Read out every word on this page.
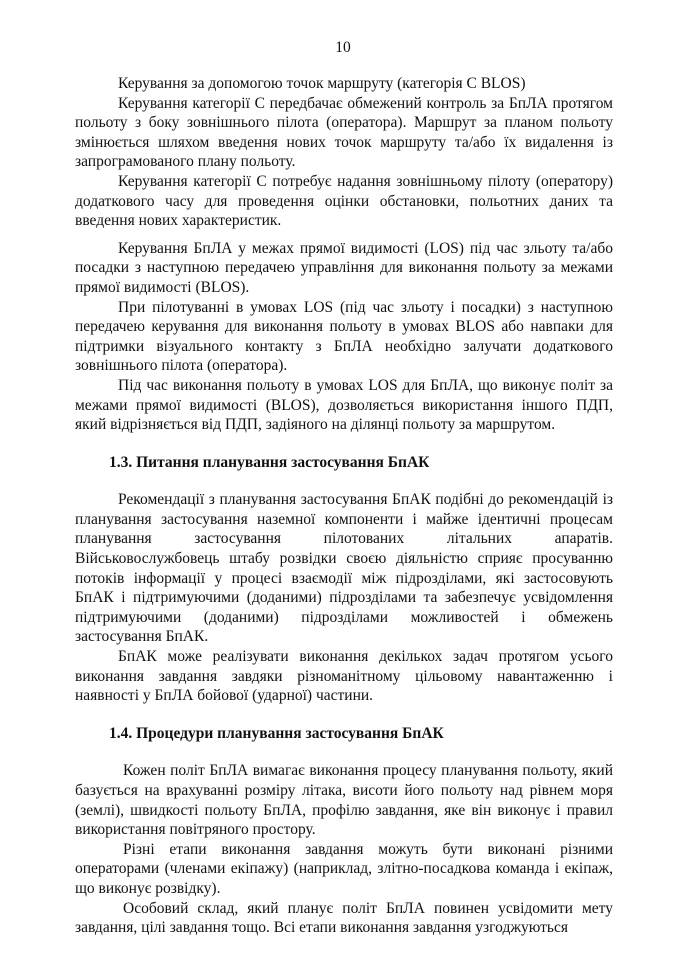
10
Керування за допомогою точок маршруту (категорія C BLOS)
Керування категорії С передбачає обмежений контроль за БпЛА протягом
польоту з боку зовнішнього пілота (оператора). Маршрут за планом польоту
змінюється шляхом введення нових точок маршруту та/або їх видалення із
запрограмованого плану польоту.
Керування категорії С потребує надання зовнішньому пілоту (оператору)
додаткового часу для проведення оцінки обстановки, польотних даних та
введення нових характеристик.
Керування БпЛА у межах прямої видимості (LOS) під час зльоту та/або
посадки з наступною передачею управління для виконання польоту за межами
прямої видимості (BLOS).
При пілотуванні в умовах LOS (під час зльоту і посадки) з наступною
передачею керування для виконання польоту в умовах BLOS або навпаки для
підтримки візуального контакту з БпЛА необхідно залучати додаткового
зовнішнього пілота (оператора).
Під час виконання польоту в умовах LOS для БпЛА, що виконує політ за
межами прямої видимості (BLOS), дозволяється використання іншого ПДП,
який відрізняється від ПДП, задіяного на ділянці польоту за маршрутом.
1.3. Питання планування застосування БпАК
Рекомендації з планування застосування БпАК подібні до рекомендацій із
планування застосування наземної компоненти і майже ідентичні процесам
планування застосування пілотованих літальних апаратів.
Військовослужбовець штабу розвідки своєю діяльністю сприяє просуванню
потоків інформації у процесі взаємодії між підрозділами, які застосовують
БпАК і підтримуючими (доданими) підрозділами та забезпечує усвідомлення
підтримуючими (доданими) підрозділами можливостей і обмежень
застосування БпАК.
БпАК може реалізувати виконання декількох задач протягом усього
виконання завдання завдяки різноманітному цільовому навантаженню і
наявності у БпЛА бойової (ударної) частини.
1.4. Процедури планування застосування БпАК
Кожен політ БпЛА вимагає виконання процесу планування польоту, який
базується на врахуванні розміру літака, висоти його польоту над рівнем моря
(землі), швидкості польоту БпЛА, профілю завдання, яке він виконує і правил
використання повітряного простору.
Різні етапи виконання завдання можуть бути виконані різними
операторами (членами екіпажу) (наприклад, злітно-посадкова команда і екіпаж,
що виконує розвідку).
Особовий склад, який планує політ БпЛА повинен усвідомити мету
завдання, цілі завдання тощо. Всі етапи виконання завдання узгоджуються
